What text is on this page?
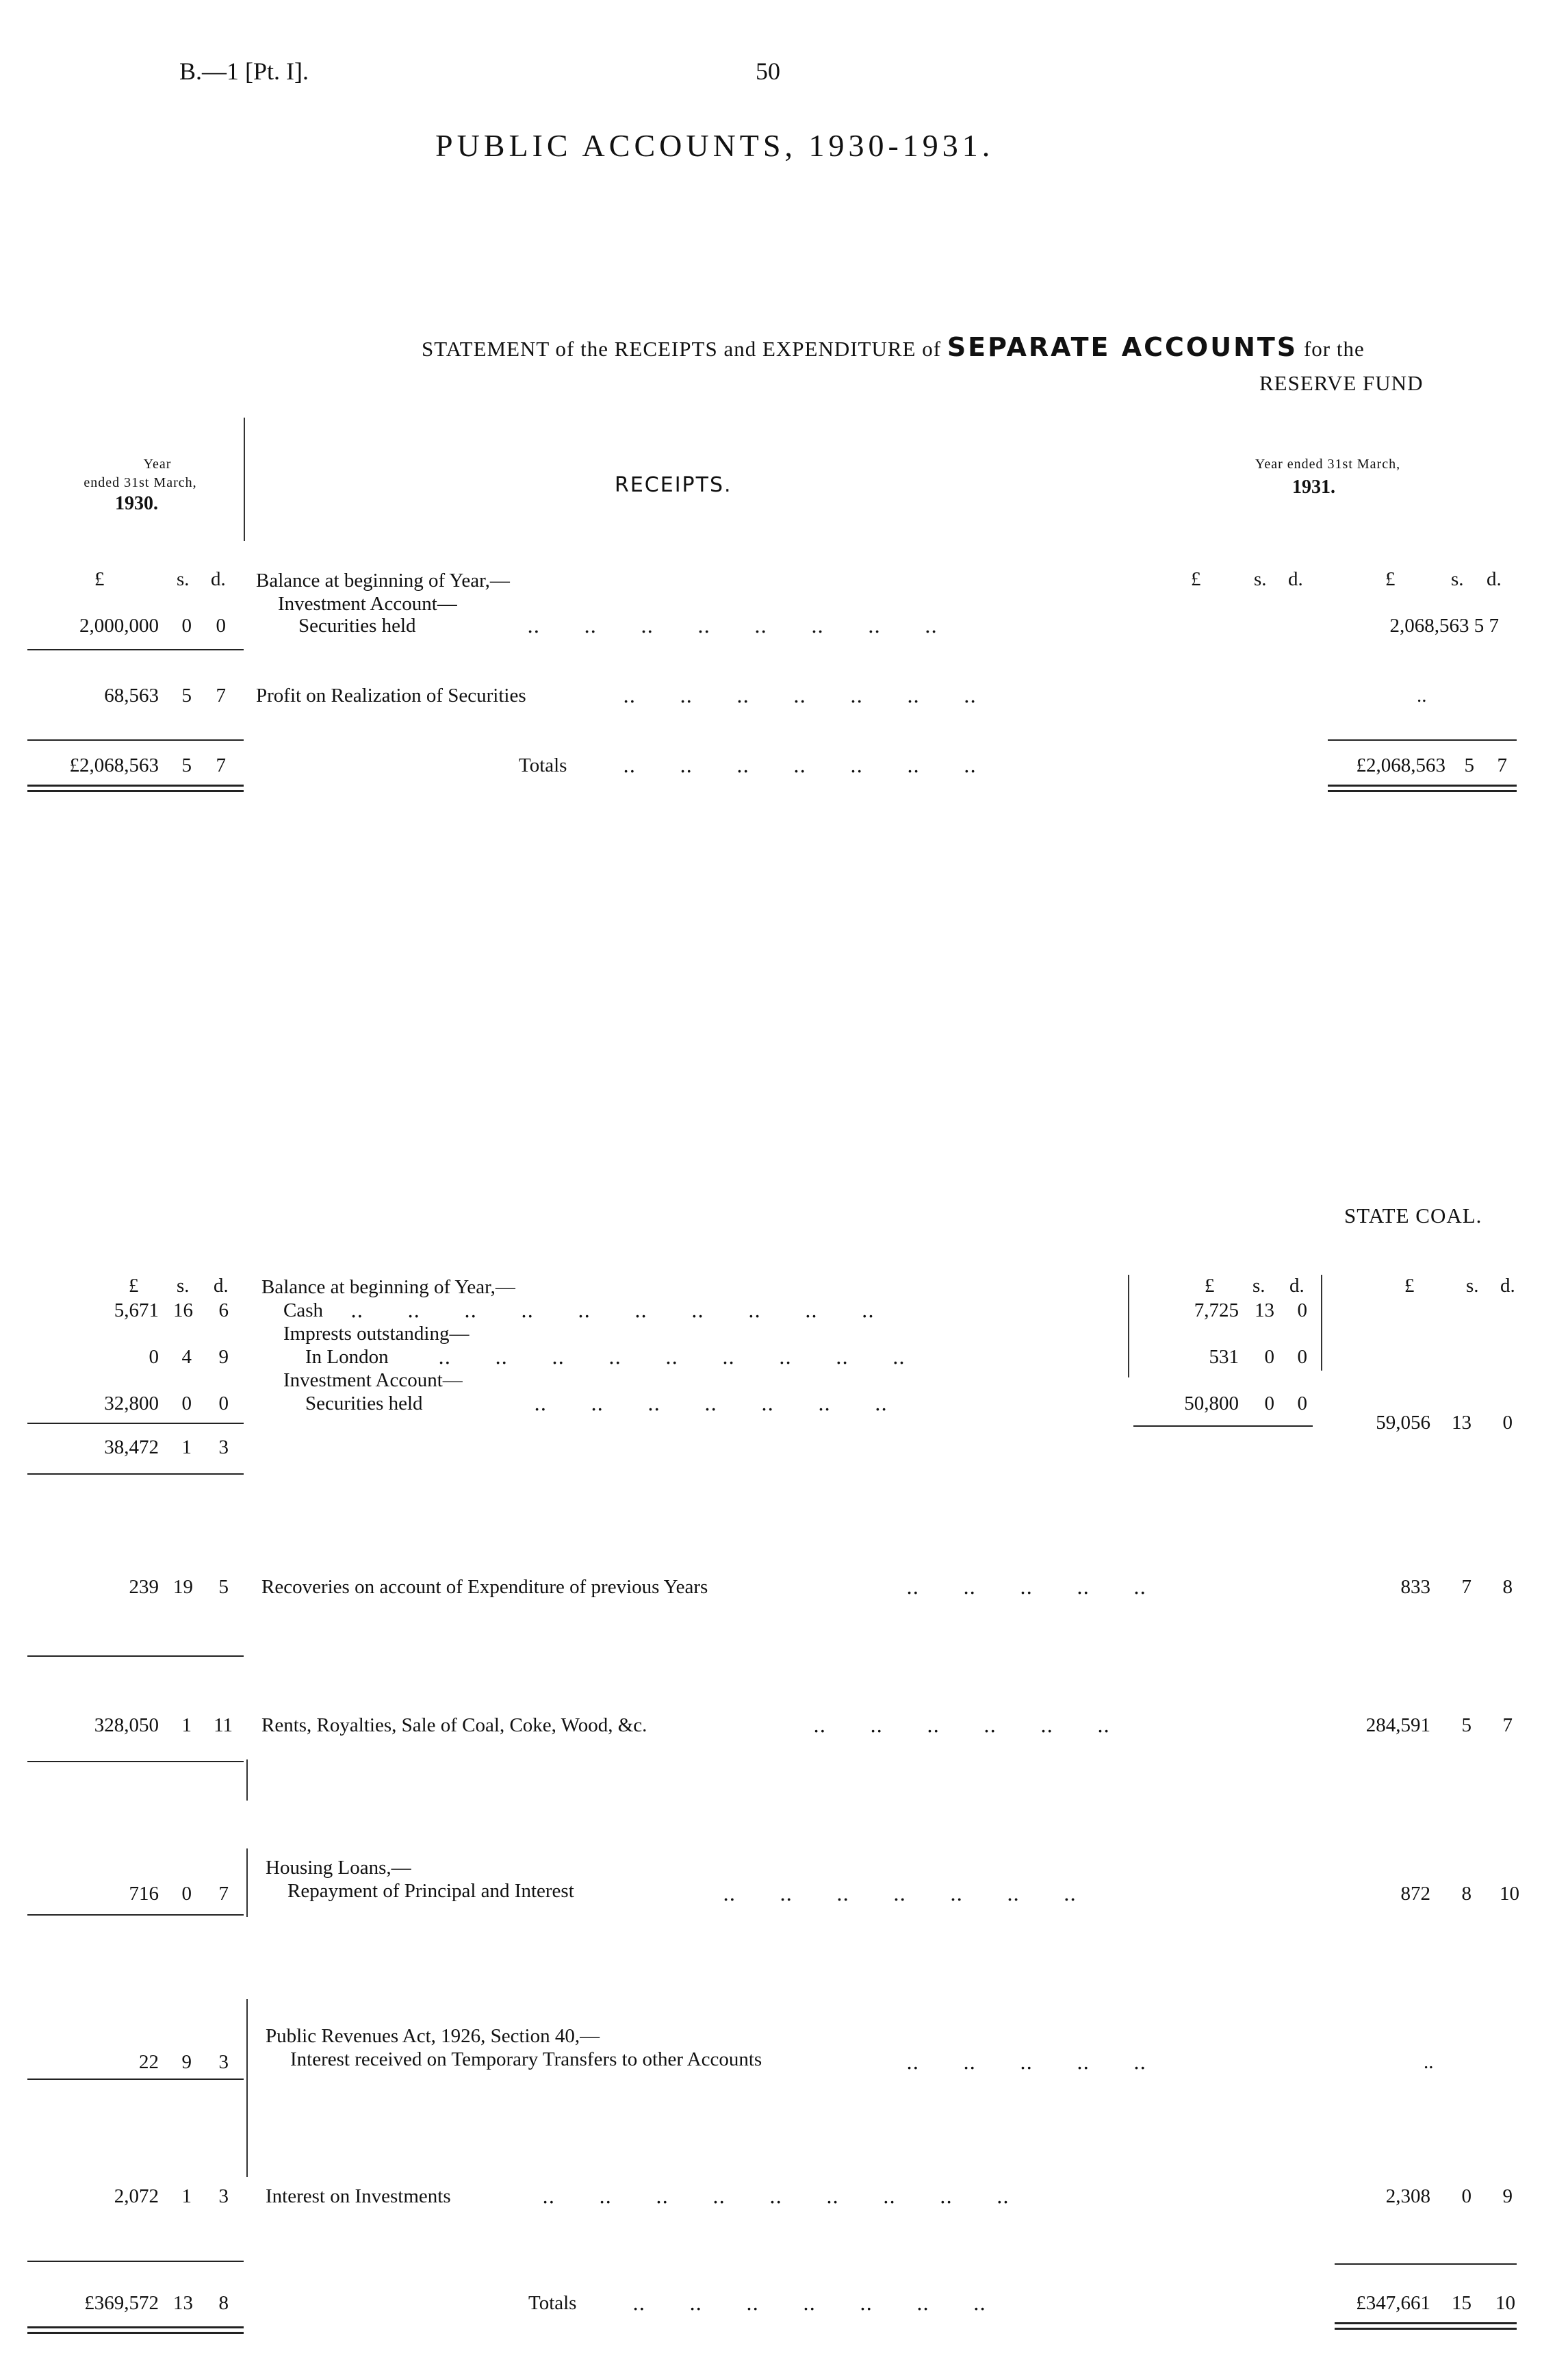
B.—1 [Pt. I].	50
PUBLIC ACCOUNTS, 1930-1931.
STATEMENT of the RECEIPTS and EXPENDITURE of SEPARATE ACCOUNTS for the
RESERVE FUND
Year
ended 31st March,
1930.
RECEIPTS.
Year ended 31st March,
1931.
£	s. d.	£	s. d.	£	s. d.
Balance at beginning of Year,—
Investment Account—
Securities held
2,000,000	0	0	..       ..       ..       ..       ..       ..       ..       ..	2,068,563 5 7
68,563	5	7 Profit on Realization of Securities	..       ..       ..       ..       ..       ..       ..	..
£2,068,563	5	7	Totals	..       ..       ..       ..       ..       ..       ..	£2,068,563 5	7
STATE COAL.
£ s. d.	£ s. d.	£	s. d.
Balance at beginning of Year,—
5,671 16	6	Cash ..       ..       ..       ..       ..       ..       ..       ..       ..       ..	7,725 13	0
Imprests outstanding—
0	4	9	In London ..       ..       ..       ..       ..       ..       ..       ..       ..	531	0	0
Investment Account—
32,800	0	0	Securities held	..       ..       ..       ..       ..       ..       ..	50,800	0	0
38,472	1	3
59,056	13	0
239 19	5 Recoveries on account of Expenditure of previous Years	..       ..       ..       ..       ..	833	7	8
328,050	1	11 Rents, Royalties, Sale of Coal, Coke, Wood, &c.	..       ..       ..       ..       ..       ..	284,591	5	7
Housing Loans,—
Repayment of Principal and Interest
716	0	7	..       ..       ..       ..       ..       ..       ..	872	8	10
Public Revenues Act, 1926, Section 40,—
Interest received on Temporary Transfers to other Accounts
22	9	3	..       ..       ..       ..       ..	..
2,072	1	3 Interest on Investments	..       ..       ..       ..       ..       ..       ..       ..       ..	2,308	0	9
£369,572 13	8	Totals	..       ..       ..       ..       ..       ..       ..	£347,661	15	10
